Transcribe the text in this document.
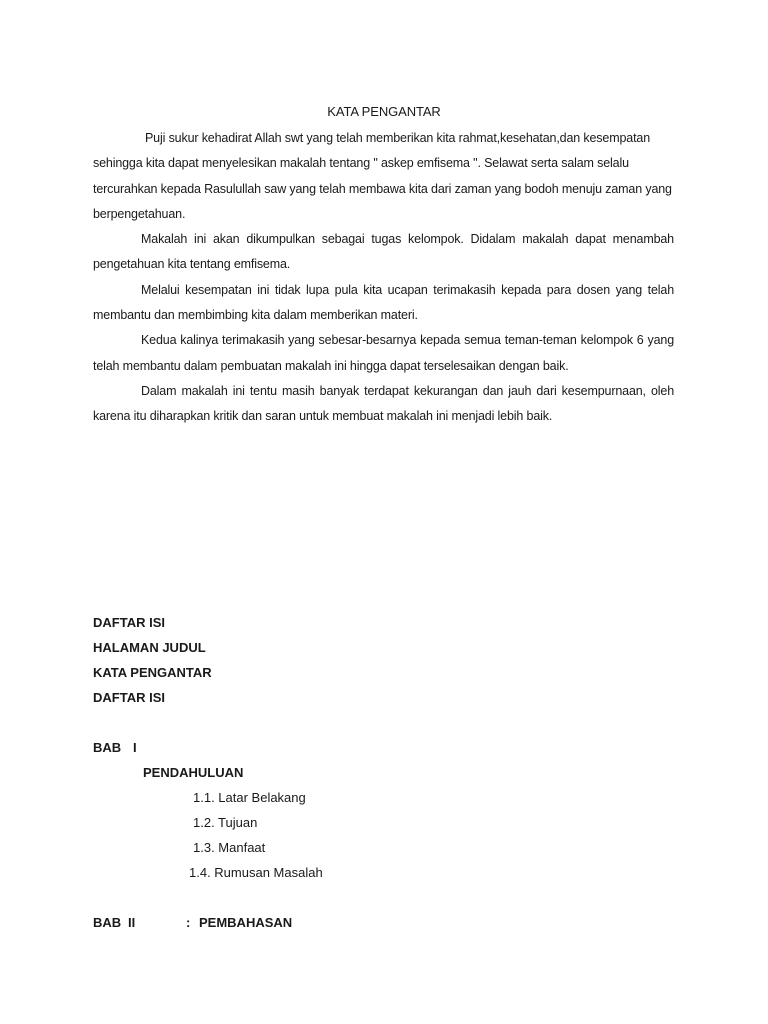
KATA PENGANTAR

Puji sukur kehadirat Allah swt yang telah memberikan kita rahmat,kesehatan,dan kesempatan sehingga kita dapat menyelesikan makalah tentang " askep emfisema ". Selawat serta salam selalu tercurahkan kepada Rasulullah saw yang telah membawa kita dari zaman yang bodoh menuju zaman yang berpengetahuan.

Makalah ini akan dikumpulkan sebagai tugas kelompok. Didalam makalah dapat menambah pengetahuan kita tentang emfisema.

Melalui kesempatan ini tidak lupa pula kita ucapan terimakasih kepada para dosen yang telah membantu dan membimbing kita dalam memberikan materi.

Kedua kalinya terimakasih yang sebesar-besarnya kepada semua teman-teman kelompok 6 yang telah membantu dalam pembuatan makalah ini hingga dapat terselesaikan dengan baik.

Dalam makalah ini tentu masih banyak terdapat kekurangan dan jauh dari kesempurnaan, oleh karena itu diharapkan kritik dan saran untuk membuat makalah ini menjadi lebih baik.

DAFTAR ISI
HALAMAN JUDUL
KATA PENGANTAR
DAFTAR ISI
BAB I
PENDAHULUAN
1.1. Latar Belakang
1.2. Tujuan
1.3. Manfaat
1.4. Rumusan Masalah
BAB II	: PEMBAHASAN
